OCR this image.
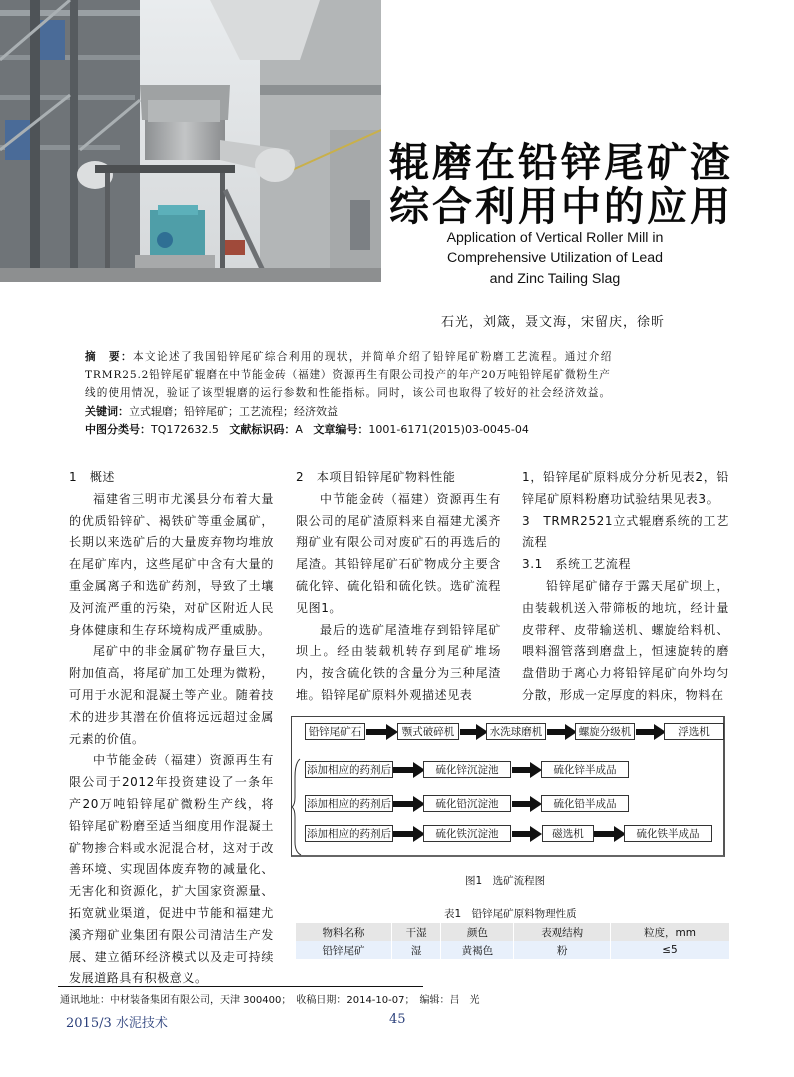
辊磨在铅锌尾矿渣
综合利用中的应用
Application of Vertical Roller Mill in
Comprehensive Utilization of Lead
and Zinc Tailing Slag
石光，刘箴，聂文海，宋留庆，徐昕
摘　要：本文论述了我国铅锌尾矿综合利用的现状，并简单介绍了铅锌尾矿粉磨工艺流程。通过介绍
TRMR25.2铅锌尾矿辊磨在中节能金砖（福建）资源再生有限公司投产的年产20万吨铅锌尾矿微粉生产
线的使用情况，验证了该型辊磨的运行参数和性能指标。同时，该公司也取得了较好的社会经济效益。
关键词：立式辊磨；铅锌尾矿；工艺流程；经济效益
中图分类号：TQ172632.5 文献标识码：A 文章编号：1001-6171(2015)03-0045-04

1　概述

福建省三明市尤溪县分布着大量的优质铅锌矿、褐铁矿等重金属矿，长期以来选矿后的大量废弃物均堆放在尾矿库内，这些尾矿中含有大量的重金属离子和选矿药剂，导致了土壤及河流严重的污染，对矿区附近人民身体健康和生存环境构成严重威胁。

尾矿中的非金属矿物存量巨大，附加值高，将尾矿加工处理为微粉，可用于水泥和混凝土等产业。随着技术的进步其潜在价值将远远超过金属元素的价值。

中节能金砖（福建）资源再生有限公司于2012年投资建设了一条年产20万吨铅锌尾矿微粉生产线，将铅锌尾矿粉磨至适当细度用作混凝土矿物掺合料或水泥混合材，这对于改善环境、实现固体废弃物的减量化、无害化和资源化，扩大国家资源量、拓宽就业渠道，促进中节能和福建尤溪齐翔矿业集团有限公司清洁生产发展、建立循环经济模式以及走可持续发展道路具有积极意义。

2　本项目铅锌尾矿物料性能

中节能金砖（福建）资源再生有限公司的尾矿渣原料来自福建尤溪齐翔矿业有限公司对废矿石的再选后的尾渣。其铅锌尾矿石矿物成分主要含硫化锌、硫化铅和硫化铁。选矿流程见图1。

最后的选矿尾渣堆存到铅锌尾矿坝上。经由装载机转存到尾矿堆场内，按含硫化铁的含量分为三种尾渣堆。铅锌尾矿原料外观描述见表

1，铅锌尾矿原料成分分析见表2，铅锌尾矿原料粉磨功试验结果见表3。

3　TRMR2521立式辊磨系统的工艺流程

3.1　系统工艺流程

铅锌尾矿储存于露天尾矿坝上，由装载机送入带筛板的地坑，经计量皮带秤、皮带输送机、螺旋给料机、喂料溜管落到磨盘上，恒速旋转的磨盘借助于离心力将铅锌尾矿向外均匀分散，形成一定厚度的料床，物料在

铅锌尾矿石	颚式破碎机	水洗球磨机	螺旋分级机	浮选机
添加相应的药剂后	硫化锌沉淀池	硫化锌半成品
添加相应的药剂后	硫化铅沉淀池	硫化铅半成品
添加相应的药剂后	硫化铁沉淀池	磁选机	硫化铁半成品
图1　选矿流程图
表1　铅锌尾矿原料物理性质
物料名称	干湿	颜色	表观结构	粒度，mm
铅锌尾矿	湿	黄褐色	粉	≤5
通讯地址：中材装备集团有限公司，天津 300400；　收稿日期：2014-10-07；　编辑：吕　光
2015/3 水泥技术	45
